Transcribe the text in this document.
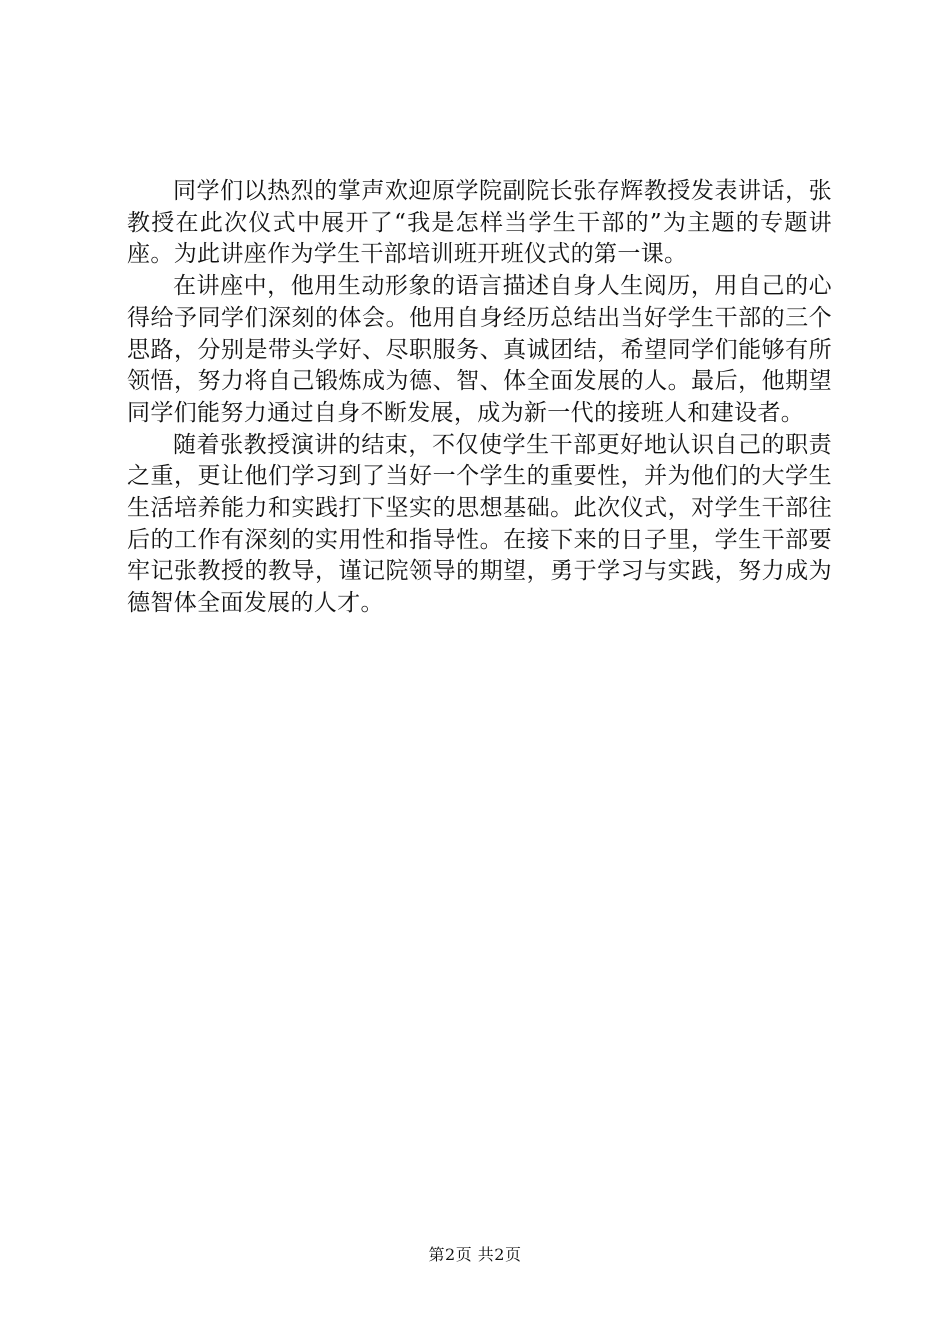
同学们以热烈的掌声欢迎原学院副院长张存辉教授发表讲话，张教授在此次仪式中展开了“我是怎样当学生干部的”为主题的专题讲座。为此讲座作为学生干部培训班开班仪式的第一课。

在讲座中，他用生动形象的语言描述自身人生阅历，用自己的心得给予同学们深刻的体会。他用自身经历总结出当好学生干部的三个思路，分别是带头学好、尽职服务、真诚团结，希望同学们能够有所领悟，努力将自己锻炼成为德、智、体全面发展的人。最后，他期望同学们能努力通过自身不断发展，成为新一代的接班人和建设者。

随着张教授演讲的结束，不仅使学生干部更好地认识自己的职责之重，更让他们学习到了当好一个学生的重要性，并为他们的大学生生活培养能力和实践打下坚实的思想基础。此次仪式，对学生干部往后的工作有深刻的实用性和指导性。在接下来的日子里，学生干部要牢记张教授的教导，谨记院领导的期望，勇于学习与实践，努力成为德智体全面发展的人才。

第2页 共2页
